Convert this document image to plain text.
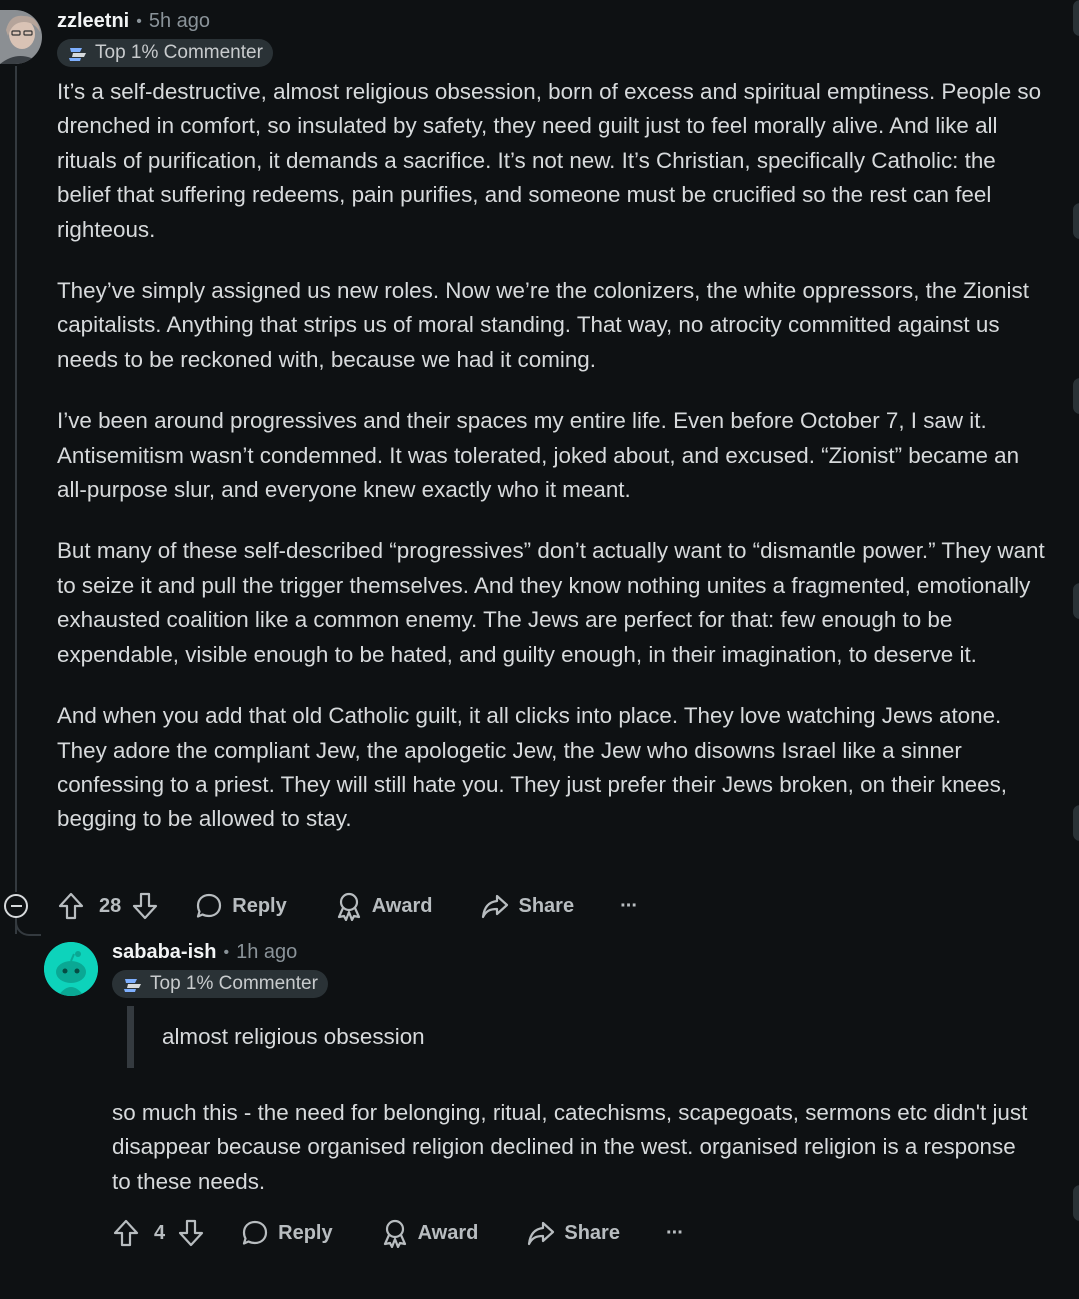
zzleetni • 5h ago
Top 1% Commenter

It’s a self-destructive, almost religious obsession, born of excess and spiritual emptiness. People so drenched in comfort, so insulated by safety, they need guilt just to feel morally alive. And like all rituals of purification, it demands a sacrifice. It’s not new. It’s Christian, specifically Catholic: the belief that suffering redeems, pain purifies, and someone must be crucified so the rest can feel righteous.

They’ve simply assigned us new roles. Now we’re the colonizers, the white oppressors, the Zionist capitalists. Anything that strips us of moral standing. That way, no atrocity committed against us needs to be reckoned with, because we had it coming.

I’ve been around progressives and their spaces my entire life. Even before October 7, I saw it. Antisemitism wasn’t condemned. It was tolerated, joked about, and excused. “Zionist” became an all-purpose slur, and everyone knew exactly who it meant.

But many of these self-described “progressives” don’t actually want to “dismantle power.” They want to seize it and pull the trigger themselves. And they know nothing unites a fragmented, emotionally exhausted coalition like a common enemy. The Jews are perfect for that: few enough to be expendable, visible enough to be hated, and guilty enough, in their imagination, to deserve it.

And when you add that old Catholic guilt, it all clicks into place. They love watching Jews atone. They adore the compliant Jew, the apologetic Jew, the Jew who disowns Israel like a sinner confessing to a priest. They will still hate you. They just prefer their Jews broken, on their knees, begging to be allowed to stay.

28	Reply	Award	Share ···
sababa-ish • 1h ago
Top 1% Commenter
almost religious obsession

so much this - the need for belonging, ritual, catechisms, scapegoats, sermons etc didn't just disappear because organised religion declined in the west. organised religion is a response to these needs.

4	Reply	Award	Share ···
